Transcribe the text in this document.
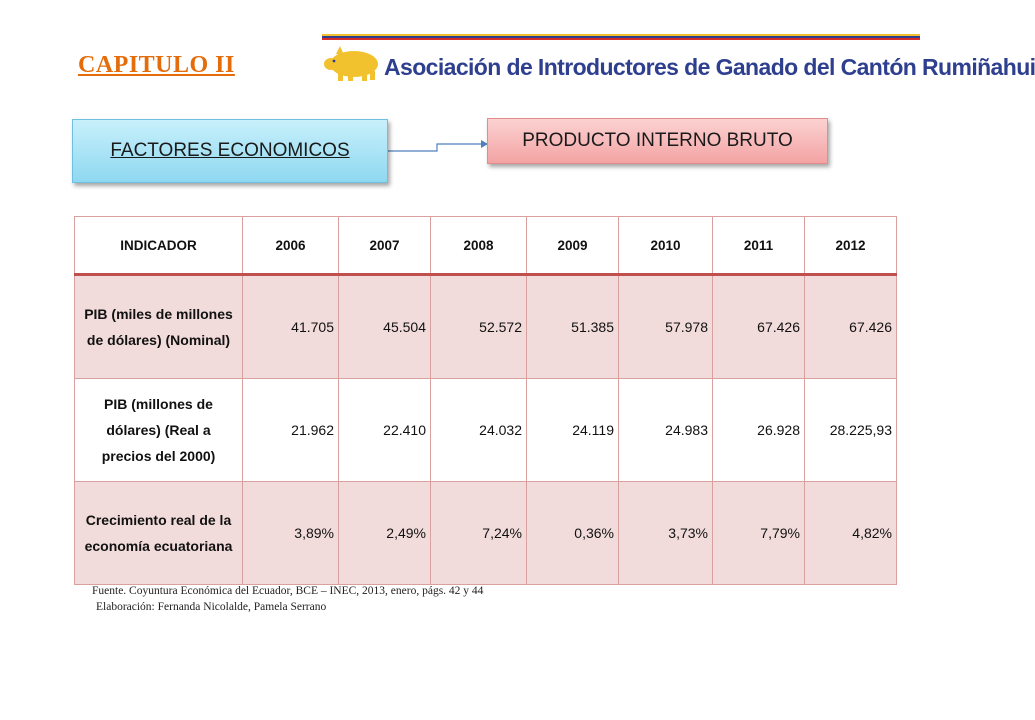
CAPITULO II	Asociación de Introductores de Ganado del Cantón Rumiñahui
FACTORES ECONOMICOS	PRODUCTO INTERNO BRUTO
INDICADOR	2006	2007	2008	2009	2010	2011	2012
PIB (miles de millones de dólares) (Nominal)	41.705	45.504	52.572	51.385	57.978	67.426	67.426
PIB (millones de dólares) (Real a precios del 2000)	21.962	22.410	24.032	24.119	24.983	26.928	28.225,93
Crecimiento real de la economía ecuatoriana	3,89%	2,49%	7,24%	0,36%	3,73%	7,79%	4,82%
Fuente. Coyuntura Económica del Ecuador, BCE – INEC, 2013, enero, págs. 42 y 44
Elaboración: Fernanda Nicolalde, Pamela Serrano
